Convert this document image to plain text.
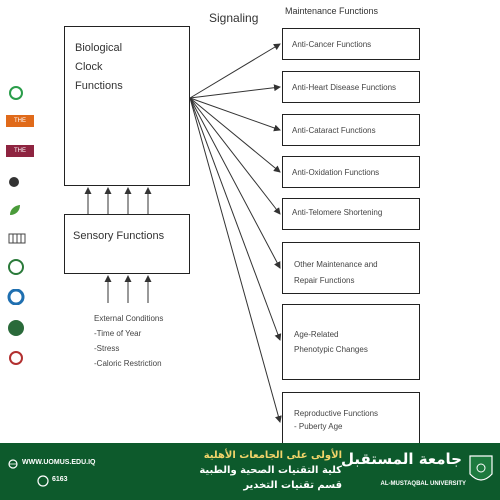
THE
THE
Signaling	Maintenance Functions
Biological
Clock
Functions
Sensory Functions
External Conditions
-Time of Year
-Stress
-Caloric Restriction
Anti-Cancer Functions
Anti-Heart Disease Functions
Anti-Cataract Functions
Anti-Oxidation Functions
Anti-Telomere Shortening
Other Maintenance and
Repair Functions
Age-Related
Phenotypic Changes
Reproductive Functions
- Puberty Age
WWW.UOMUS.EDU.IQ
6163
الأولى على الجامعات الأهلية
كلية التقنيات الصحية والطبية
قسم تقنيات التخدير
جامعة المستقبل
AL-MUSTAQBAL UNIVERSITY
